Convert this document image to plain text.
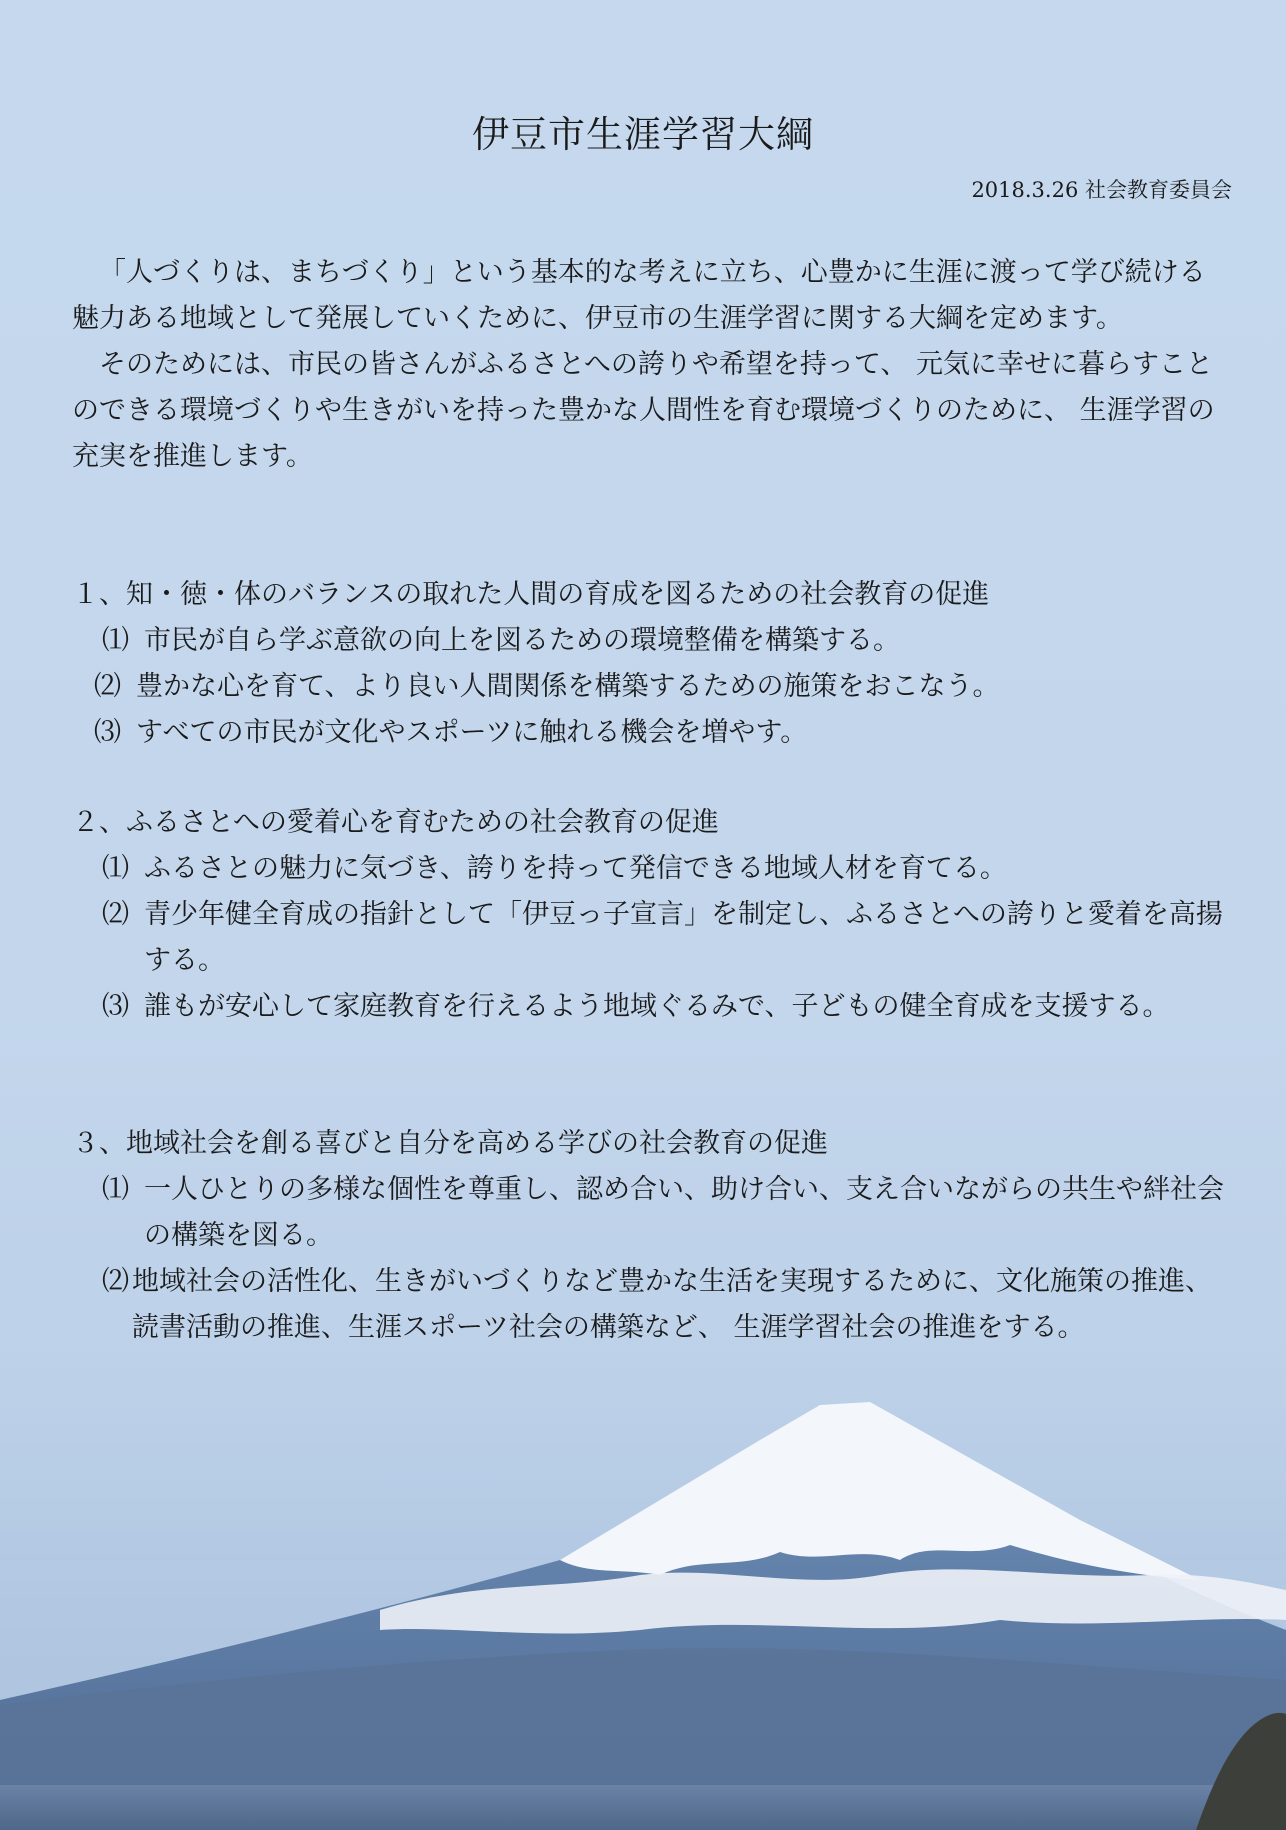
伊豆市生涯学習大綱
2018.3.26 社会教育委員会

「人づくりは、まちづくり」という基本的な考えに立ち、心豊かに生涯に渡って学び続ける魅力ある地域として発展していくために、伊豆市の生涯学習に関する大綱を定めます。

そのためには、市民の皆さんがふるさとへの誇りや希望を持って、 元気に幸せに暮らすことのできる環境づくりや生きがいを持った豊かな人間性を育む環境づくりのために、 生涯学習の充実を推進します。

１、知・徳・体のバランスの取れた人間の育成を図るための社会教育の促進
⑴ 市民が自ら学ぶ意欲の向上を図るための環境整備を構築する。
⑵ 豊かな心を育て、より良い人間関係を構築するための施策をおこなう。
⑶ すべての市民が文化やスポーツに触れる機会を増やす。
２、ふるさとへの愛着心を育むための社会教育の促進
⑴ ふるさとの魅力に気づき、誇りを持って発信できる地域人材を育てる。
⑵ 青少年健全育成の指針として「伊豆っ子宣言」を制定し、ふるさとへの誇りと愛着を高揚する。
⑶ 誰もが安心して家庭教育を行えるよう地域ぐるみで、子どもの健全育成を支援する。
３、地域社会を創る喜びと自分を高める学びの社会教育の促進
⑴ 一人ひとりの多様な個性を尊重し、認め合い、助け合い、支え合いながらの共生や絆社会の構築を図る。
⑵ 地域社会の活性化、生きがいづくりなど豊かな生活を実現するために、文化施策の推進、読書活動の推進、生涯スポーツ社会の構築など、 生涯学習社会の推進をする。
